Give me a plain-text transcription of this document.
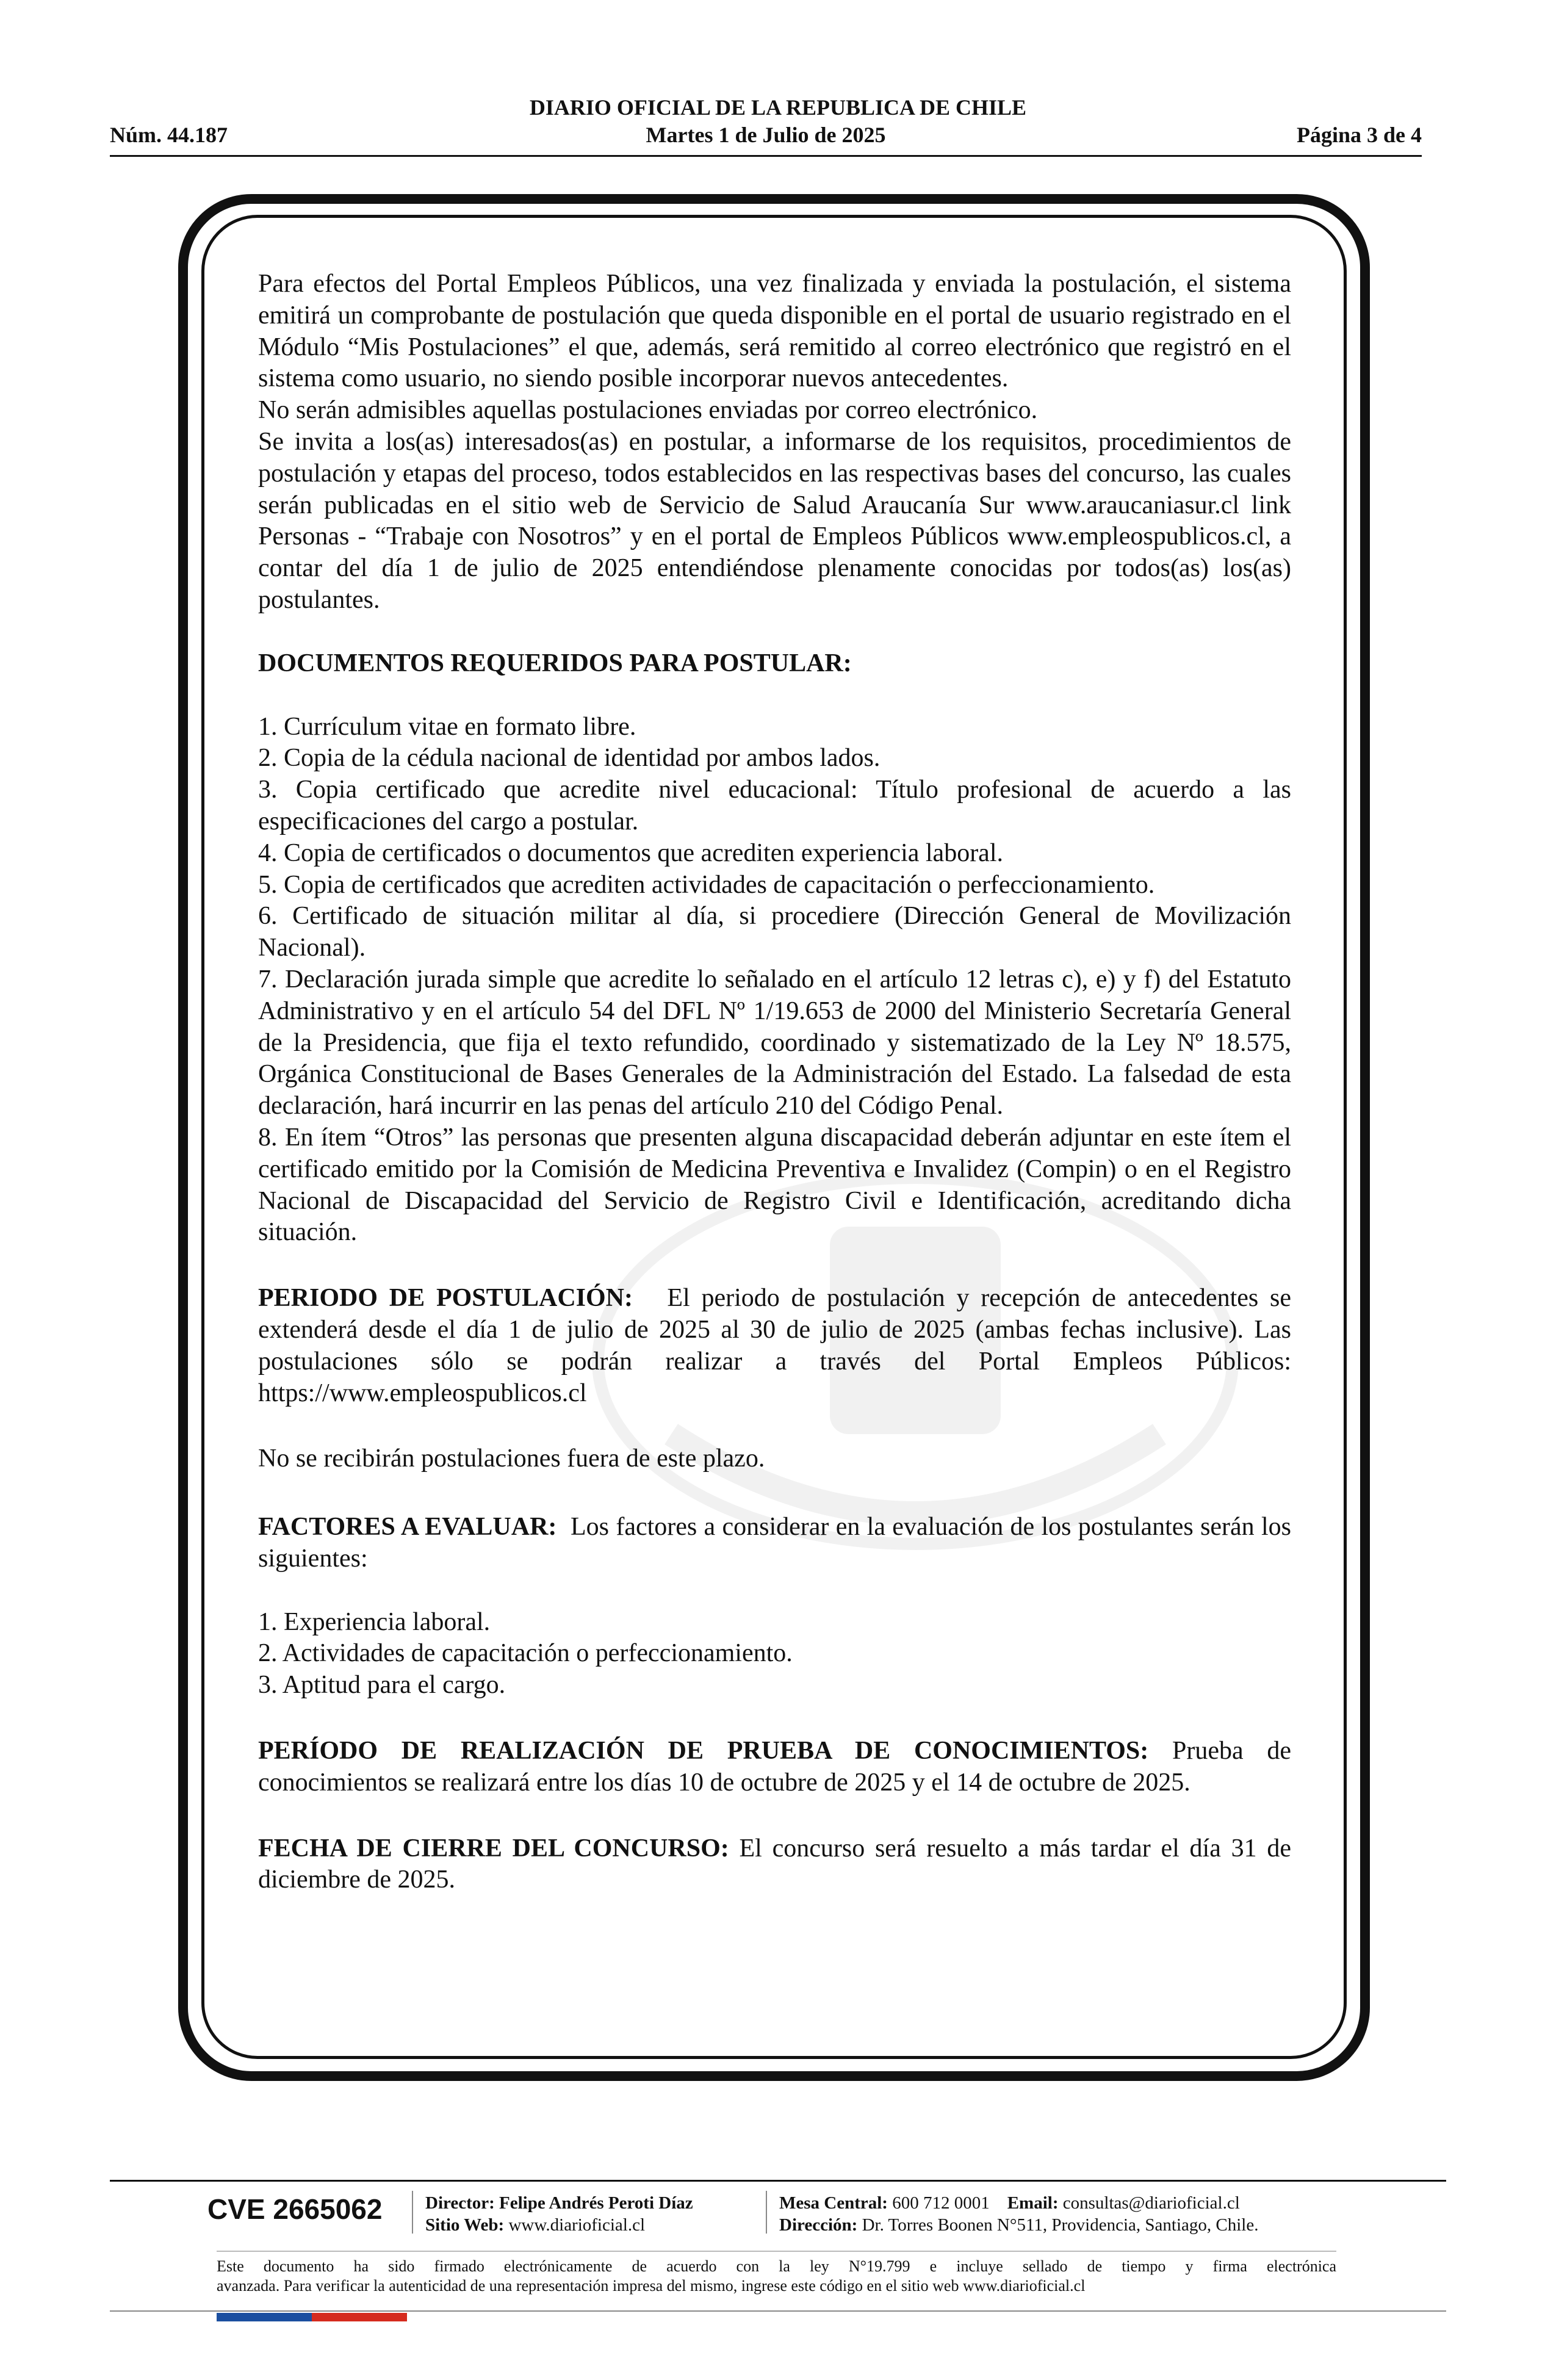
DIARIO OFICIAL DE LA REPUBLICA DE CHILE
Martes 1 de Julio de 2025
Núm. 44.187	Página 3 de 4

Para efectos del Portal Empleos Públicos, una vez finalizada y enviada la postulación, el sistema emitirá un comprobante de postulación que queda disponible en el portal de usuario registrado en el Módulo “Mis Postulaciones” el que, además, será remitido al correo electrónico que registró en el sistema como usuario, no siendo posible incorporar nuevos antecedentes.

No serán admisibles aquellas postulaciones enviadas por correo electrónico.

Se invita a los(as) interesados(as) en postular, a informarse de los requisitos, procedimientos de postulación y etapas del proceso, todos establecidos en las respectivas bases del concurso, las cuales serán publicadas en el sitio web de Servicio de Salud Araucanía Sur www.araucaniasur.cl link Personas - “Trabaje con Nosotros” y en el portal de Empleos Públicos www.empleospublicos.cl, a contar del día 1 de julio de 2025 entendiéndose plenamente conocidas por todos(as) los(as) postulantes.

DOCUMENTOS REQUERIDOS PARA POSTULAR:

1. Currículum vitae en formato libre.

2. Copia de la cédula nacional de identidad por ambos lados.

3. Copia certificado que acredite nivel educacional: Título profesional de acuerdo a las especificaciones del cargo a postular.

4. Copia de certificados o documentos que acrediten experiencia laboral.

5. Copia de certificados que acrediten actividades de capacitación o perfeccionamiento.

6. Certificado de situación militar al día, si procediere (Dirección General de Movilización Nacional).

7. Declaración jurada simple que acredite lo señalado en el artículo 12 letras c), e) y f) del Estatuto Administrativo y en el artículo 54 del DFL Nº 1/19.653 de 2000 del Ministerio Secretaría General de la Presidencia, que fija el texto refundido, coordinado y sistematizado de la Ley Nº 18.575, Orgánica Constitucional de Bases Generales de la Administración del Estado. La falsedad de esta declaración, hará incurrir en las penas del artículo 210 del Código Penal.

8. En ítem “Otros” las personas que presenten alguna discapacidad deberán adjuntar en este ítem el certificado emitido por la Comisión de Medicina Preventiva e Invalidez (Compin) o en el Registro Nacional de Discapacidad del Servicio de Registro Civil e Identificación, acreditando dicha situación.

PERIODO DE POSTULACIÓN: El periodo de postulación y recepción de antecedentes se extenderá desde el día 1 de julio de 2025 al 30 de julio de 2025 (ambas fechas inclusive). Las postulaciones sólo se podrán realizar a través del Portal Empleos Públicos: https://www.empleospublicos.cl

No se recibirán postulaciones fuera de este plazo.

FACTORES A EVALUAR: Los factores a considerar en la evaluación de los postulantes serán los siguientes:

1. Experiencia laboral.

2. Actividades de capacitación o perfeccionamiento.

3. Aptitud para el cargo.

PERÍODO DE REALIZACIÓN DE PRUEBA DE CONOCIMIENTOS: Prueba de conocimientos se realizará entre los días 10 de octubre de 2025 y el 14 de octubre de 2025.

FECHA DE CIERRE DEL CONCURSO: El concurso será resuelto a más tardar el día 31 de diciembre de 2025.

CVE 2665062 Director: Felipe Andrés Peroti Díaz
Sitio Web: www.diarioficial.cl
Mesa Central: 600 712 0001 Email: consultas@diarioficial.cl
Dirección: Dr. Torres Boonen N°511, Providencia, Santiago, Chile.

Este documento ha sido firmado electrónicamente de acuerdo con la ley N°19.799 e incluye sellado de tiempo y firma electrónica

avanzada. Para verificar la autenticidad de una representación impresa del mismo, ingrese este código en el sitio web www.diarioficial.cl
